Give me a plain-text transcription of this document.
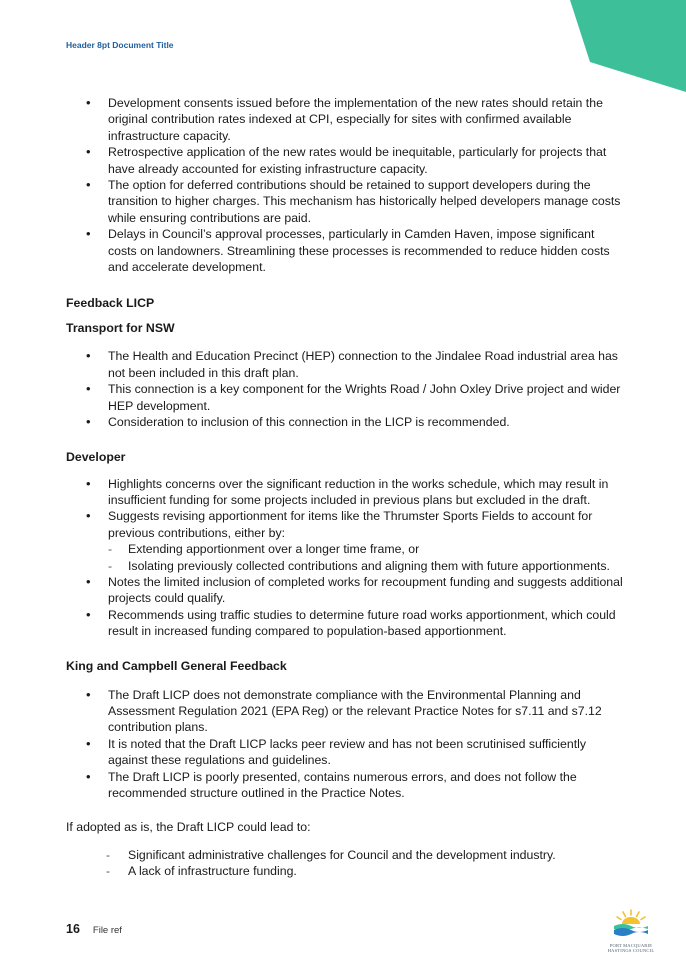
Header 8pt Document Title
• Development consents issued before the implementation of the new rates should retain the original contribution rates indexed at CPI, especially for sites with confirmed available infrastructure capacity.
• Retrospective application of the new rates would be inequitable, particularly for projects that have already accounted for existing infrastructure capacity.
• The option for deferred contributions should be retained to support developers during the transition to higher charges. This mechanism has historically helped developers manage costs while ensuring contributions are paid.
• Delays in Council’s approval processes, particularly in Camden Haven, impose significant costs on landowners. Streamlining these processes is recommended to reduce hidden costs and accelerate development.
Feedback LICP
Transport for NSW
• The Health and Education Precinct (HEP) connection to the Jindalee Road industrial area has not been included in this draft plan.
• This connection is a key component for the Wrights Road / John Oxley Drive project and wider HEP development.
• Consideration to inclusion of this connection in the LICP is recommended.
Developer
• Highlights concerns over the significant reduction in the works schedule, which may result in insufficient funding for some projects included in previous plans but excluded in the draft.
• Suggests revising apportionment for items like the Thrumster Sports Fields to account for previous contributions, either by:
- Extending apportionment over a longer time frame, or
- Isolating previously collected contributions and aligning them with future apportionments.
• Notes the limited inclusion of completed works for recoupment funding and suggests additional projects could qualify.
• Recommends using traffic studies to determine future road works apportionment, which could result in increased funding compared to population-based apportionment.
King and Campbell General Feedback
• The Draft LICP does not demonstrate compliance with the Environmental Planning and Assessment Regulation 2021 (EPA Reg) or the relevant Practice Notes for s7.11 and s7.12 contribution plans.
• It is noted that the Draft LICP lacks peer review and has not been scrutinised sufficiently against these regulations and guidelines.
• The Draft LICP is poorly presented, contains numerous errors, and does not follow the recommended structure outlined in the Practice Notes.

If adopted as is, the Draft LICP could lead to:

- Significant administrative challenges for Council and the development industry.
- A lack of infrastructure funding.
16 File ref
PORT MACQUARIE
HASTINGS COUNCIL
